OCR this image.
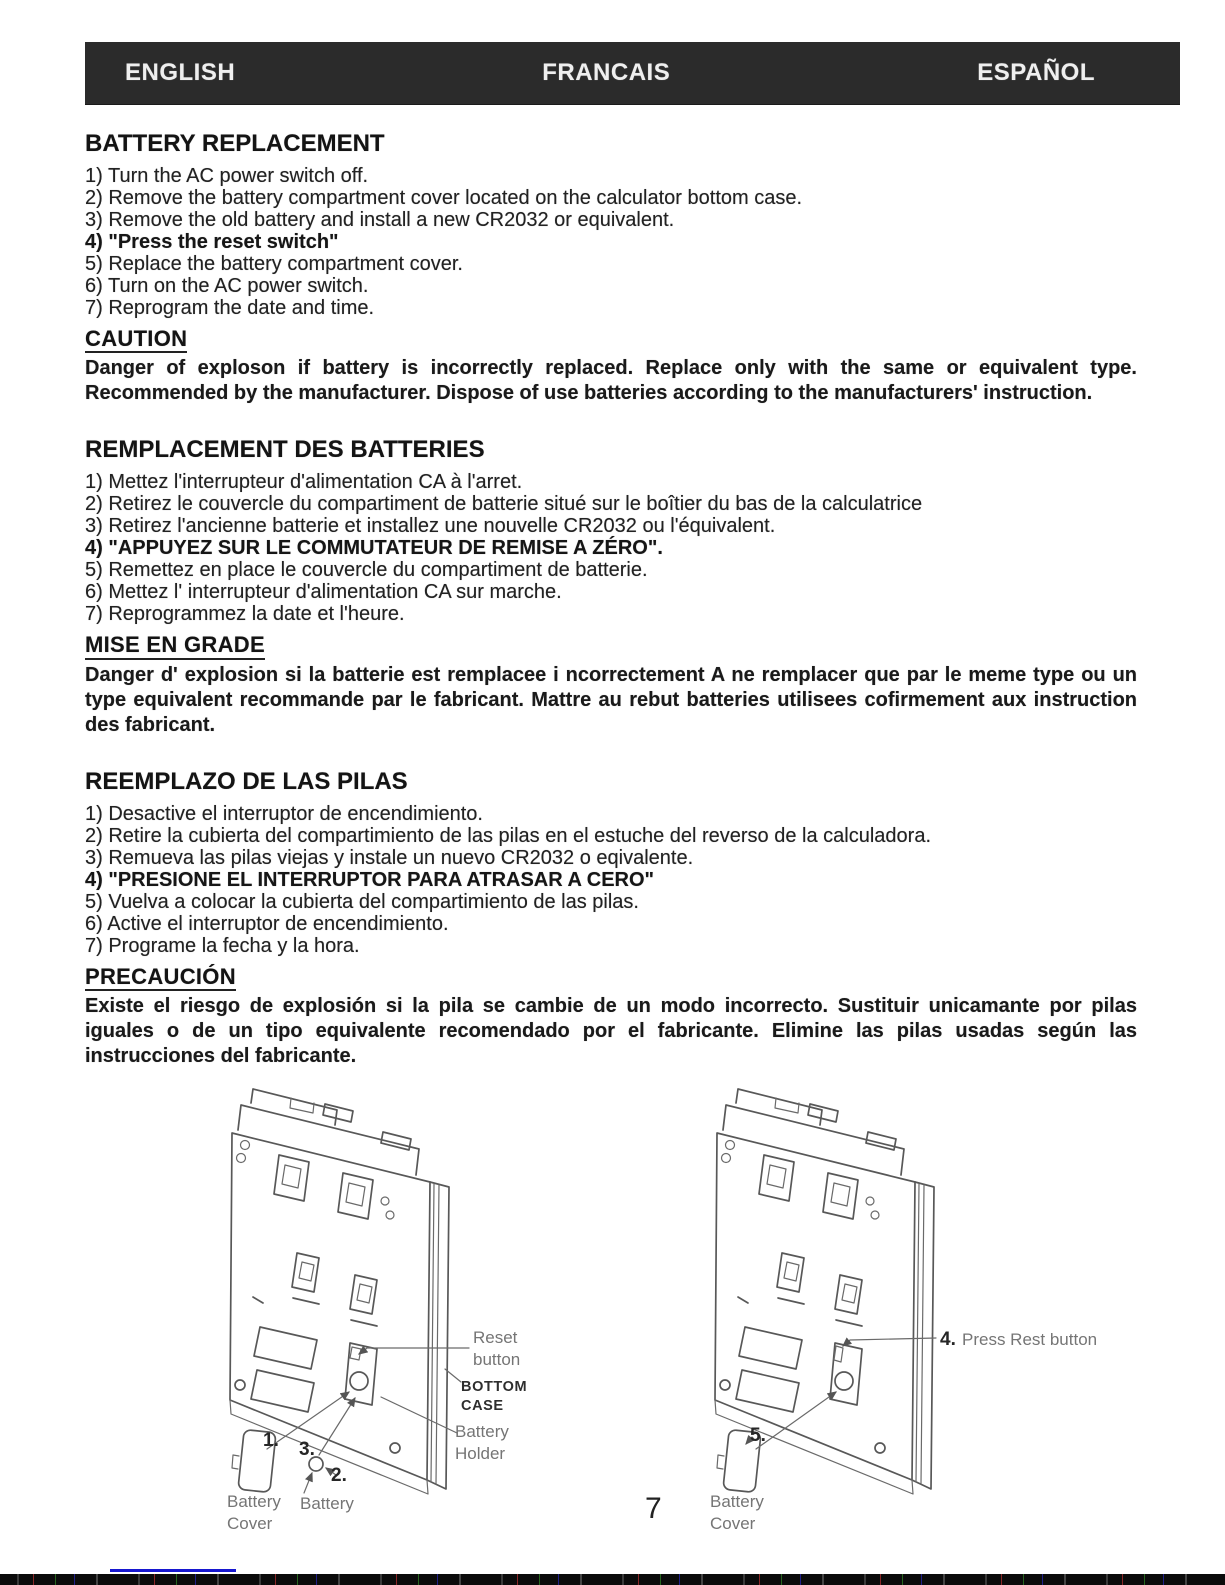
ENGLISH	FRANCAIS	ESPAÑOL
BATTERY REPLACEMENT
1) Turn the AC power switch off.
2) Remove the battery compartment cover located on the calculator bottom case.
3) Remove the old battery and install a new CR2032 or equivalent.
4) "Press the reset switch"
5) Replace the battery compartment cover.
6) Turn on the AC power switch.
7) Reprogram the date and time.
CAUTION
Danger of exploson if battery is incorrectly replaced. Replace only with the same or equivalent type. Recommended by the manufacturer. Dispose of use batteries according to the manufacturers' instruction.
REMPLACEMENT DES BATTERIES
1) Mettez l'interrupteur d'alimentation CA à l'arret.
2) Retirez le couvercle du compartiment de batterie situé sur le boîtier du bas de la calculatrice
3) Retirez l'ancienne batterie et installez une nouvelle CR2032 ou l'équivalent.
4) "APPUYEZ SUR LE COMMUTATEUR DE REMISE A ZÉRO".
5) Remettez en place le couvercle du compartiment de batterie.
6) Mettez l' interrupteur d'alimentation CA sur marche.
7) Reprogrammez la date et l'heure.
MISE EN GRADE
Danger d' explosion si la batterie est remplacee i ncorrectement A ne remplacer que par le meme type ou un type equivalent recommande par le fabricant. Mattre au rebut batteries utilisees cofirmement aux instruction des fabricant.
REEMPLAZO DE LAS PILAS
1) Desactive el interruptor de encendimiento.
2) Retire la cubierta del compartimiento de las pilas en el estuche del reverso de la calculadora.
3) Remueva las pilas viejas y instale un nuevo CR2032 o eqivalente.
4) "PRESIONE EL INTERRUPTOR PARA ATRASAR A CERO"
5) Vuelva a colocar la cubierta del compartimiento de las pilas.
6) Active el interruptor de encendimiento.
7) Programe la fecha y la hora.
PRECAUCIÓN
Existe el riesgo de explosión si la pila se cambie de un modo incorrecto. Sustituir unicamante por pilas iguales o de un tipo equivalente recomendado por el fabricante. Elimine las pilas usadas según las instrucciones del fabricante.
Reset
button
BOTTOM
CASE
Battery
Holder
1. 3.
2.
Battery
Battery
Cover
4. Press Rest button
5.
Battery
Cover
7
